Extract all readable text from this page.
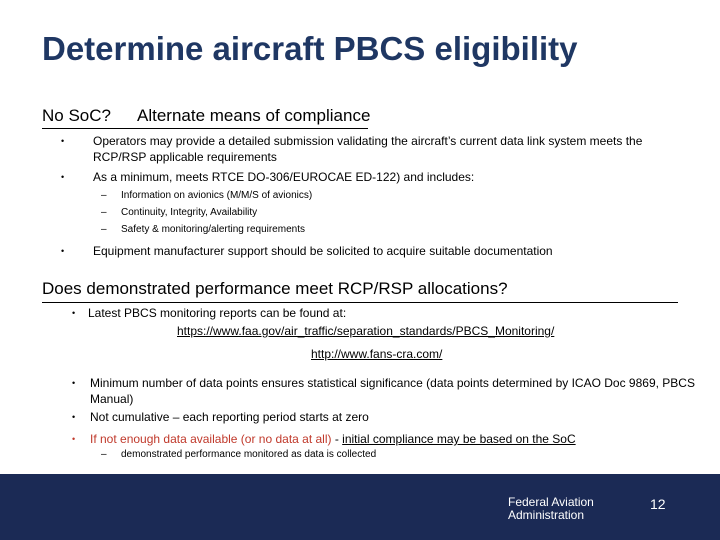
Determine aircraft PBCS eligibility
No SoC? Alternate means of compliance
• Operators may provide a detailed submission validating the aircraft’s current data link system meets the RCP/RSP applicable requirements
• As a minimum, meets RTCE DO-306/EUROCAE ED-122) and includes:
– Information on avionics (M/M/S of avionics)
– Continuity, Integrity, Availability
– Safety & monitoring/alerting requirements
• Equipment manufacturer support should be solicited to acquire suitable documentation
Does demonstrated performance meet RCP/RSP allocations?
• Latest PBCS monitoring reports can be found at:
https://www.faa.gov/air_traffic/separation_standards/PBCS_Monitoring/
http://www.fans-cra.com/
• Minimum number of data points ensures statistical significance (data points determined by ICAO Doc 9869, PBCS Manual)
• Not cumulative – each reporting period starts at zero
• If not enough data available (or no data at all) - initial compliance may be based on the SoC
– demonstrated performance monitored as data is collected
Federal Aviation
Administration
12
